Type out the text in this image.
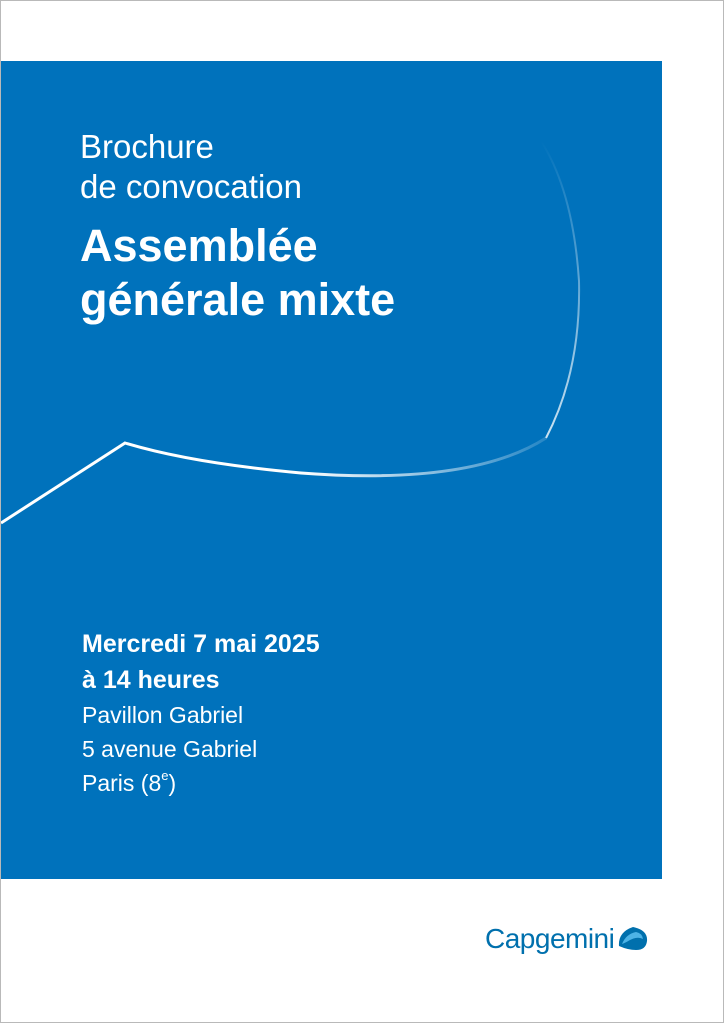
Brochure
de convocation
Assemblée
générale mixte
Mercredi 7 mai 2025
à 14 heures
Pavillon Gabriel
5 avenue Gabriel
Paris (8e)
Capgemini
